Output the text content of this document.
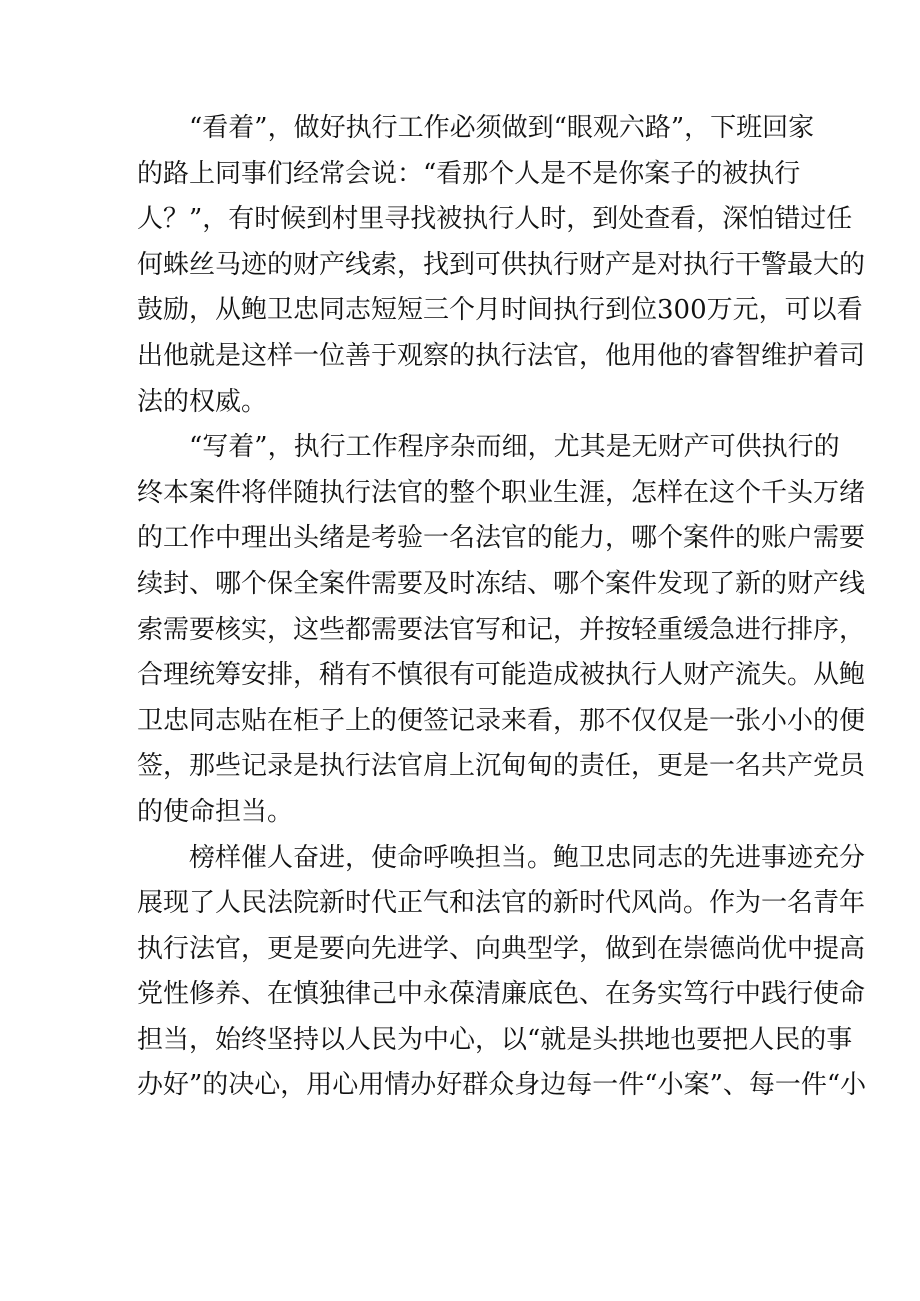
　　“看着”，做好执行工作必须做到“眼观六路”，下班回家
的路上同事们经常会说：“看那个人是不是你案子的被执行
人？”，有时候到村里寻找被执行人时，到处查看，深怕错过任
何蛛丝马迹的财产线索，找到可供执行财产是对执行干警最大的
鼓励，从鲍卫忠同志短短三个月时间执行到位300万元，可以看
出他就是这样一位善于观察的执行法官，他用他的睿智维护着司
法的权威。
　　“写着”，执行工作程序杂而细，尤其是无财产可供执行的
终本案件将伴随执行法官的整个职业生涯，怎样在这个千头万绪
的工作中理出头绪是考验一名法官的能力，哪个案件的账户需要
续封、哪个保全案件需要及时冻结、哪个案件发现了新的财产线
索需要核实，这些都需要法官写和记，并按轻重缓急进行排序，
合理统筹安排，稍有不慎很有可能造成被执行人财产流失。从鲍
卫忠同志贴在柜子上的便签记录来看，那不仅仅是一张小小的便
签，那些记录是执行法官肩上沉甸甸的责任，更是一名共产党员
的使命担当。
　　榜样催人奋进，使命呼唤担当。鲍卫忠同志的先进事迹充分
展现了人民法院新时代正气和法官的新时代风尚。作为一名青年
执行法官，更是要向先进学、向典型学，做到在崇德尚优中提高
党性修养、在慎独律己中永葆清廉底色、在务实笃行中践行使命
担当，始终坚持以人民为中心，以“就是头拱地也要把人民的事
办好”的决心，用心用情办好群众身边每一件“小案”、每一件“小
